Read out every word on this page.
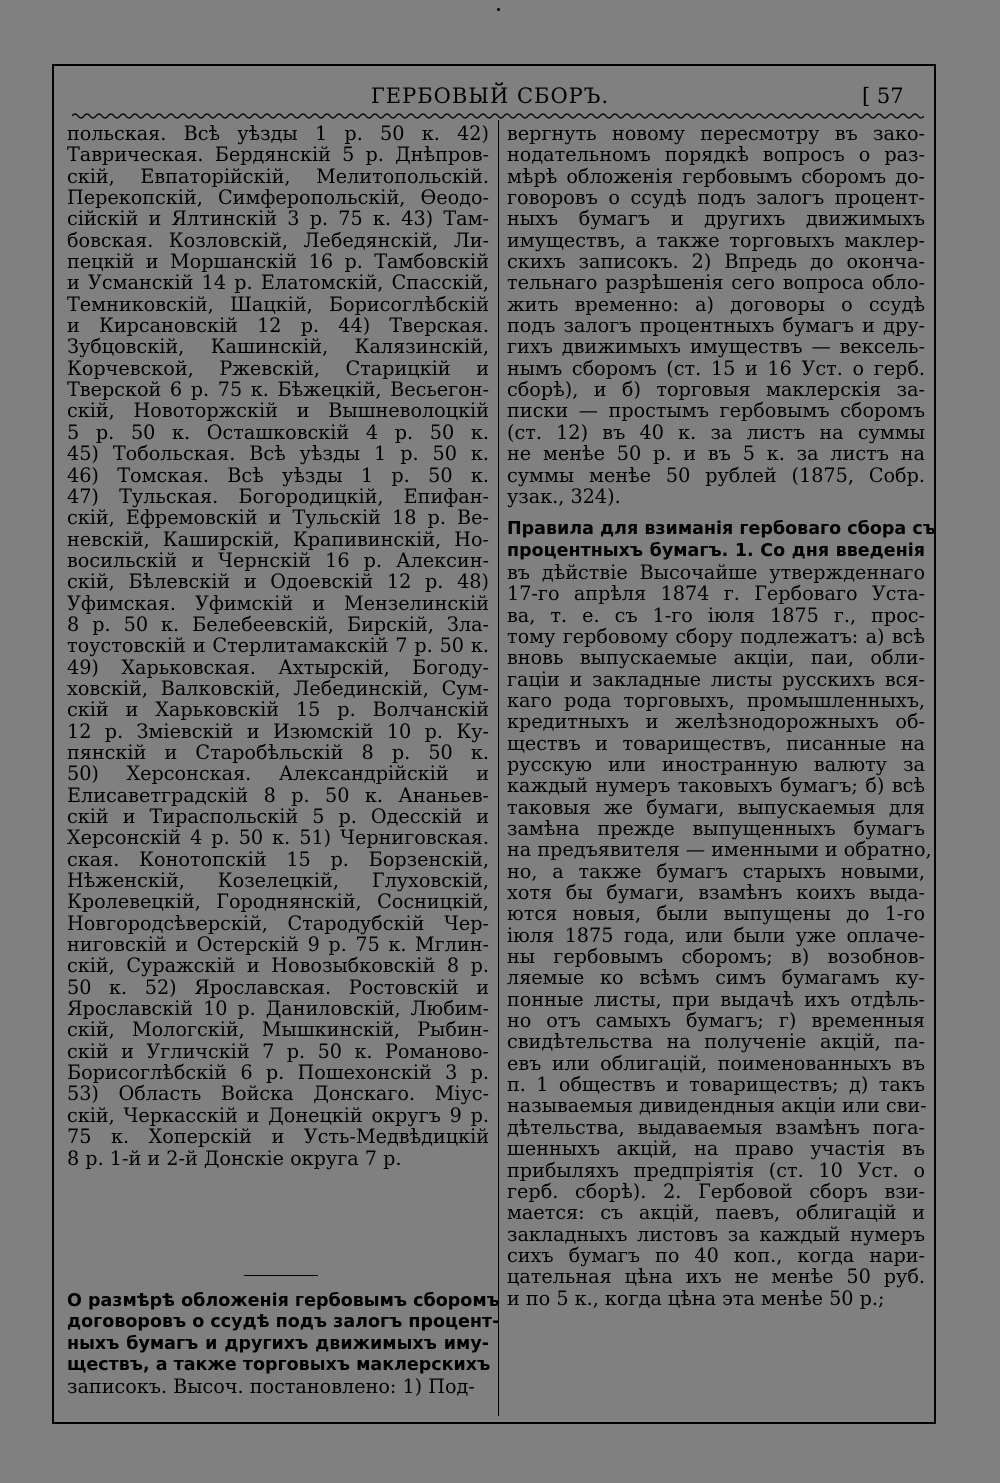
ГЕРБОВЫЙ СБОРЪ.	[ 57
польская. Всѣ уѣзды 1 р. 50 к. 42)
Таврическая. Бердянскій 5 р. Днѣпров-
скій, Евпаторійскій, Мелитопольскій.
Перекопскій, Симферопольскій, Ѳеодо-
сійскій и Ялтинскій 3 р. 75 к. 43) Там-
бовская. Козловскій, Лебедянскій, Ли-
пецкій и Моршанскій 16 р. Тамбовскій
и Усманскій 14 р. Елатомскій, Спасскій,
Темниковскій, Шацкій, Борисоглѣбскій
и Кирсановскій 12 р. 44) Тверская.
Зубцовскій, Кашинскій, Калязинскій,
Корчевской, Ржевскій, Старицкій и
Тверской 6 р. 75 к. Бѣжецкій, Весьегон-
скій, Новоторжскій и Вышневолоцкій
5 р. 50 к. Осташковскій 4 р. 50 к.
45) Тобольская. Всѣ уѣзды 1 р. 50 к.
46) Томская. Всѣ уѣзды 1 р. 50 к.
47) Тульская. Богородицкій, Епифан-
скій, Ефремовскій и Тульскій 18 р. Be-
невскій, Каширскій, Крапивинскій, Но-
восильскій и Чернскій 16 р. Алексин-
скій, Бѣлевскій и Одоевскій 12 р. 48)
Уфимская. Уфимскій и Мензелинскій
8 р. 50 к. Белебеевскій, Бирскій, Зла-
тоустовскій и Стерлитамакскій 7 р. 50 к.
49) Харьковская. Ахтырскій, Богоду-
ховскій, Валковскій, Лебединскій, Сум-
скій и Харьковскій 15 р. Волчанскій
12 р. Зміевскій и Изюмскій 10 р. Ку-
пянскій и Старобѣльскій 8 р. 50 к.
50) Херсонская. Александрійскій и
Елисаветградскій 8 р. 50 к. Ананьев-
скій и Тираспольскій 5 р. Одесскій и
Херсонскій 4 р. 50 к. 51) Черниговская.
ская. Конотопскій 15 р. Борзенскій,
Нѣженскій, Козелецкій, Глуховскій,
Кролевецкій, Городнянскій, Сосницкій,
Новгородсѣверскій, Стародубскій Чер-
ниговскій и Остерскій 9 р. 75 к. Мглин-
скій, Суражскій и Новозыбковскій 8 р.
50 к. 52) Ярославская. Ростовскій и
Ярославскій 10 р. Даниловскій, Любим-
скій, Мологскій, Мышкинскій, Рыбин-
скій и Угличскій 7 р. 50 к. Романово-
Борисоглѣбскій 6 р. Пошехонскій 3 р.
53) Область Войска Донскаго. Міус-
скій, Черкасскій и Донецкій округъ 9 р.
75 к. Хоперскій и Усть-Медвѣдицкій
8 р. 1-й и 2-й Донскіе округа 7 р.
О размѣрѣ обложенія гербовымъ сборомъ
договоровъ о ссудѣ подъ залогъ процент-
ныхъ бумагъ и другихъ движимыхъ иму-
ществъ, а также торговыхъ маклерскихъ
записокъ. Высоч. постановлено: 1) Под-
вергнуть новому пересмотру въ зако-
нодательномъ порядкѣ вопросъ о раз-
мѣрѣ обложенія гербовымъ сборомъ до-
говоровъ о ссудѣ подъ залогъ процент-
ныхъ бумагъ и другихъ движимыхъ
имуществъ, а также торговыхъ маклер-
скихъ записокъ. 2) Впредь до оконча-
тельнаго разрѣшенія сего вопроса обло-
жить временно: а) договоры о ссудѣ
подъ залогъ процентныхъ бумагъ и дру-
гихъ движимыхъ имуществъ — вексель-
нымъ сборомъ (ст. 15 и 16 Уст. о герб.
сборѣ), и б) торговыя маклерскія за-
писки — простымъ гербовымъ сборомъ
(ст. 12) въ 40 к. за листъ на суммы
не менѣе 50 р. и въ 5 к. за листъ на
суммы менѣе 50 рублей (1875, Собр.
узак., 324).
Правила для взиманія гербоваго сбора съ
процентныхъ бумагъ. 1. Со дня введенія
въ дѣйствіе Высочайше утвержденнаго
17-го апрѣля 1874 г. Гербоваго Уста-
ва, т. е. съ 1-го іюля 1875 г., прос-
тому гербовому сбору подлежатъ: а) всѣ
вновь выпускаемые акціи, паи, обли-
гаціи и закладные листы русскихъ вся-
каго рода торговыхъ, промышленныхъ,
кредитныхъ и желѣзнодорожныхъ об-
ществъ и товариществъ, писанные на
русскую или иностранную валюту за
каждый нумеръ таковыхъ бумагъ; б) всѣ
таковыя же бумаги, выпускаемыя для
замѣна прежде выпущенныхъ бумагъ
на предъявителя — именными и обратно,
но, а также бумагъ старыхъ новыми,
хотя бы бумаги, взамѣнъ коихъ выда-
ются новыя, были выпущены до 1-го
іюля 1875 года, или были уже оплаче-
ны гербовымъ сборомъ; в) возобнов-
ляемые ко всѣмъ симъ бумагамъ ку-
понные листы, при выдачѣ ихъ отдѣль-
но отъ самыхъ бумагъ; г) временныя
свидѣтельства на полученіе акцій, па-
евъ или облигацій, поименованныхъ въ
п. 1 обществъ и товариществъ; д) такъ
называемыя дивидендныя акціи или сви-
дѣтельства, выдаваемыя взамѣнъ пога-
шенныхъ акцій, на право участія въ
прибыляхъ предпріятія (ст. 10 Уст. о
герб. сборѣ). 2. Гербовой сборъ взи-
мается: съ акцій, паевъ, облигацій и
закладныхъ листовъ за каждый нумеръ
сихъ бумагъ по 40 коп., когда нари-
цательная цѣна ихъ не менѣе 50 руб.
и по 5 к., когда цѣна эта менѣе 50 р.;
